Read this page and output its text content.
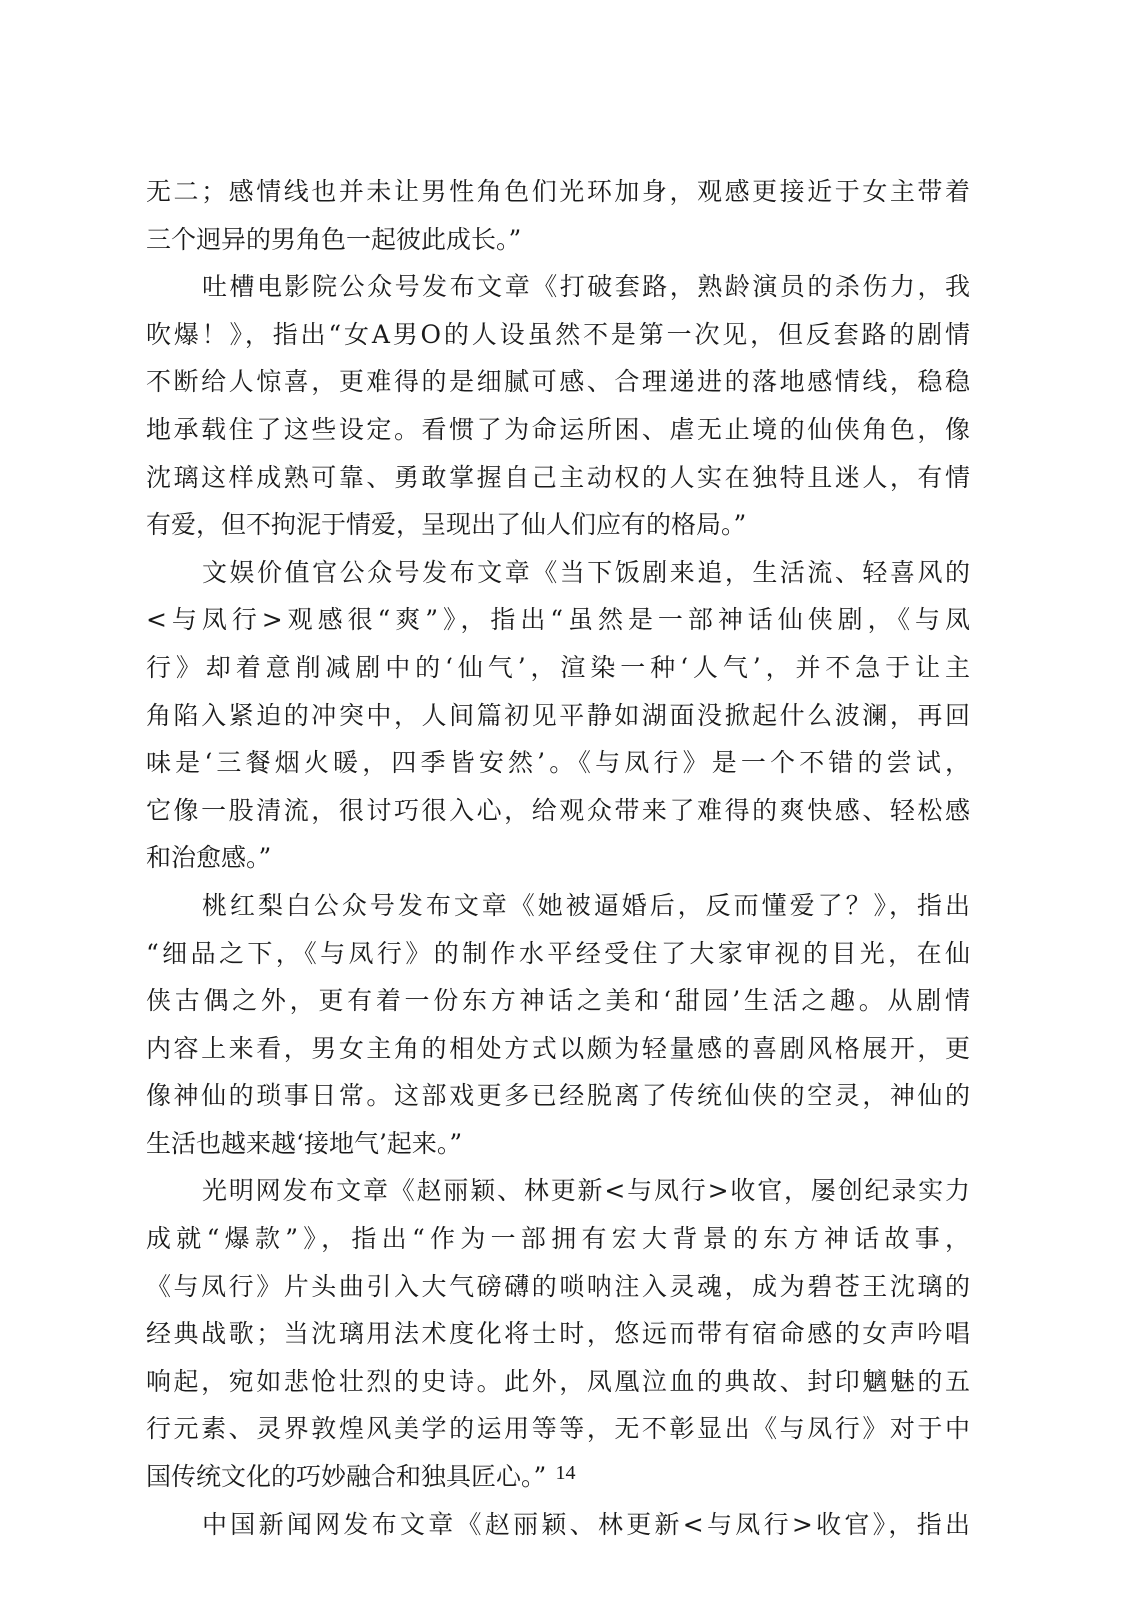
无二；感情线也并未让男性角色们光环加身，观感更接近于女主带着
三个迥异的男角色一起彼此成长。”
吐槽电影院公众号发布文章《打破套路，熟龄演员的杀伤力，我
吹爆！》，指出“女A男O的人设虽然不是第一次见，但反套路的剧情
不断给人惊喜，更难得的是细腻可感、合理递进的落地感情线，稳稳
地承载住了这些设定。看惯了为命运所困、虐无止境的仙侠角色，像
沈璃这样成熟可靠、勇敢掌握自己主动权的人实在独特且迷人，有情
有爱，但不拘泥于情爱，呈现出了仙人们应有的格局。”
文娱价值官公众号发布文章《当下饭剧来追，生活流、轻喜风的
<与凤行>观感很“爽”》，指出“虽然是一部神话仙侠剧，《与凤
行》却着意削减剧中的‘仙气’，渲染一种‘人气’，并不急于让主
角陷入紧迫的冲突中，人间篇初见平静如湖面没掀起什么波澜，再回
味是‘三餐烟火暖，四季皆安然’。《与凤行》是一个不错的尝试，
它像一股清流，很讨巧很入心，给观众带来了难得的爽快感、轻松感
和治愈感。”
桃红梨白公众号发布文章《她被逼婚后，反而懂爱了？》，指出
“细品之下，《与凤行》的制作水平经受住了大家审视的目光，在仙
侠古偶之外，更有着一份东方神话之美和‘甜园’生活之趣。从剧情
内容上来看，男女主角的相处方式以颇为轻量感的喜剧风格展开，更
像神仙的琐事日常。这部戏更多已经脱离了传统仙侠的空灵，神仙的
生活也越来越‘接地气’起来。”
光明网发布文章《赵丽颖、林更新<与凤行>收官，屡创纪录实力
成就“爆款”》，指出“作为一部拥有宏大背景的东方神话故事，
《与凤行》片头曲引入大气磅礴的唢呐注入灵魂，成为碧苍王沈璃的
经典战歌；当沈璃用法术度化将士时，悠远而带有宿命感的女声吟唱
响起，宛如悲怆壮烈的史诗。此外，凤凰泣血的典故、封印魑魅的五
行元素、灵界敦煌风美学的运用等等，无不彰显出《与凤行》对于中
国传统文化的巧妙融合和独具匠心。”
中国新闻网发布文章《赵丽颖、林更新<与凤行>收官》，指出
14
